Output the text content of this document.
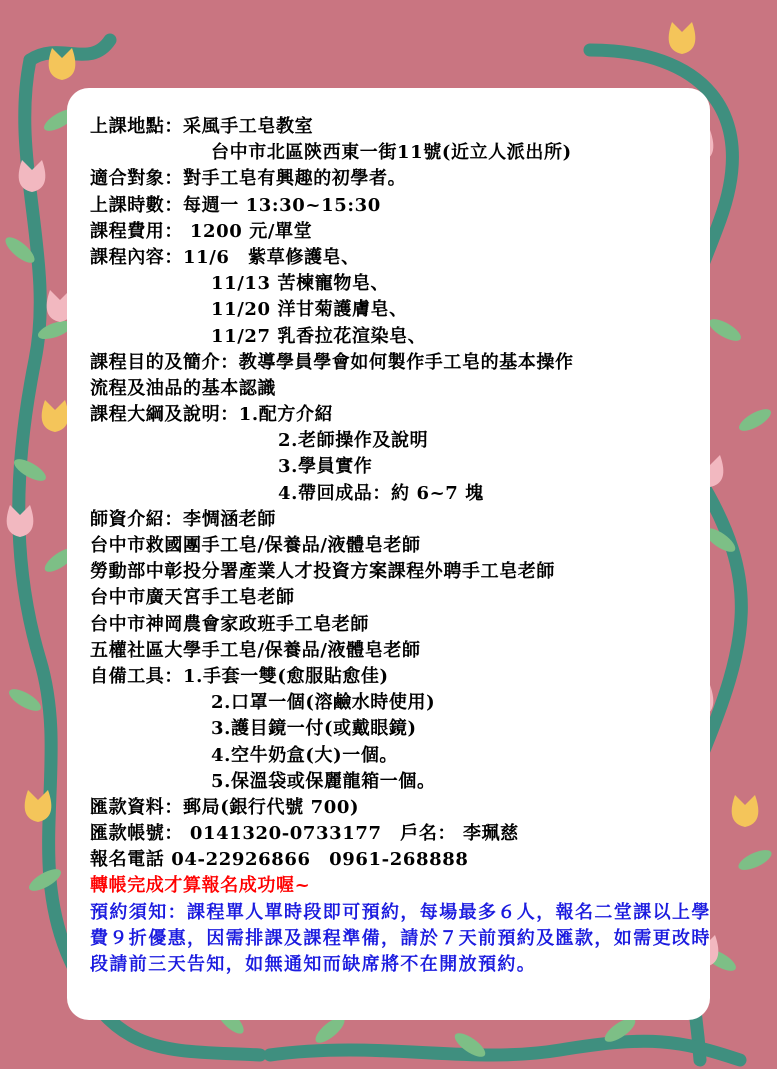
上課地點：采風手工皂教室
台中市北區陝西東一街11號(近立人派出所)
適合對象：對手工皂有興趣的初學者。
上課時數：每週一 13:30~15:30
課程費用： 1200 元/單堂
課程內容：11/6　紫草修護皂、
11/13 苦楝寵物皂、
11/20 洋甘菊護膚皂、
11/27 乳香拉花渲染皂、
課程目的及簡介：教導學員學會如何製作手工皂的基本操作
流程及油品的基本認識
課程大綱及說明：1.配方介紹
2.老師操作及說明
3.學員實作
4.帶回成品：約 6~7 塊
師資介紹：李惆涵老師
台中市救國團手工皂/保養品/液體皂老師
勞動部中彰投分署產業人才投資方案課程外聘手工皂老師
台中市廣天宮手工皂老師
台中市神岡農會家政班手工皂老師
五權社區大學手工皂/保養品/液體皂老師
自備工具：1.手套一雙(愈服貼愈佳)
2.口罩一個(溶鹼水時使用)
3.護目鏡一付(或戴眼鏡)
4.空牛奶盒(大)一個。
5.保溫袋或保麗龍箱一個。
匯款資料：郵局(銀行代號 700)
匯款帳號： 0141320-0733177　戶名： 李珮慈
報名電話 04-22926866　0961-268888
轉帳完成才算報名成功喔~
預約須知：課程單人單時段即可預約，每場最多６人，報名二堂課以上學費９折優惠，因需排課及課程準備，請於７天前預約及匯款，如需更改時段請前三天告知，如無通知而缺席將不在開放預約。
